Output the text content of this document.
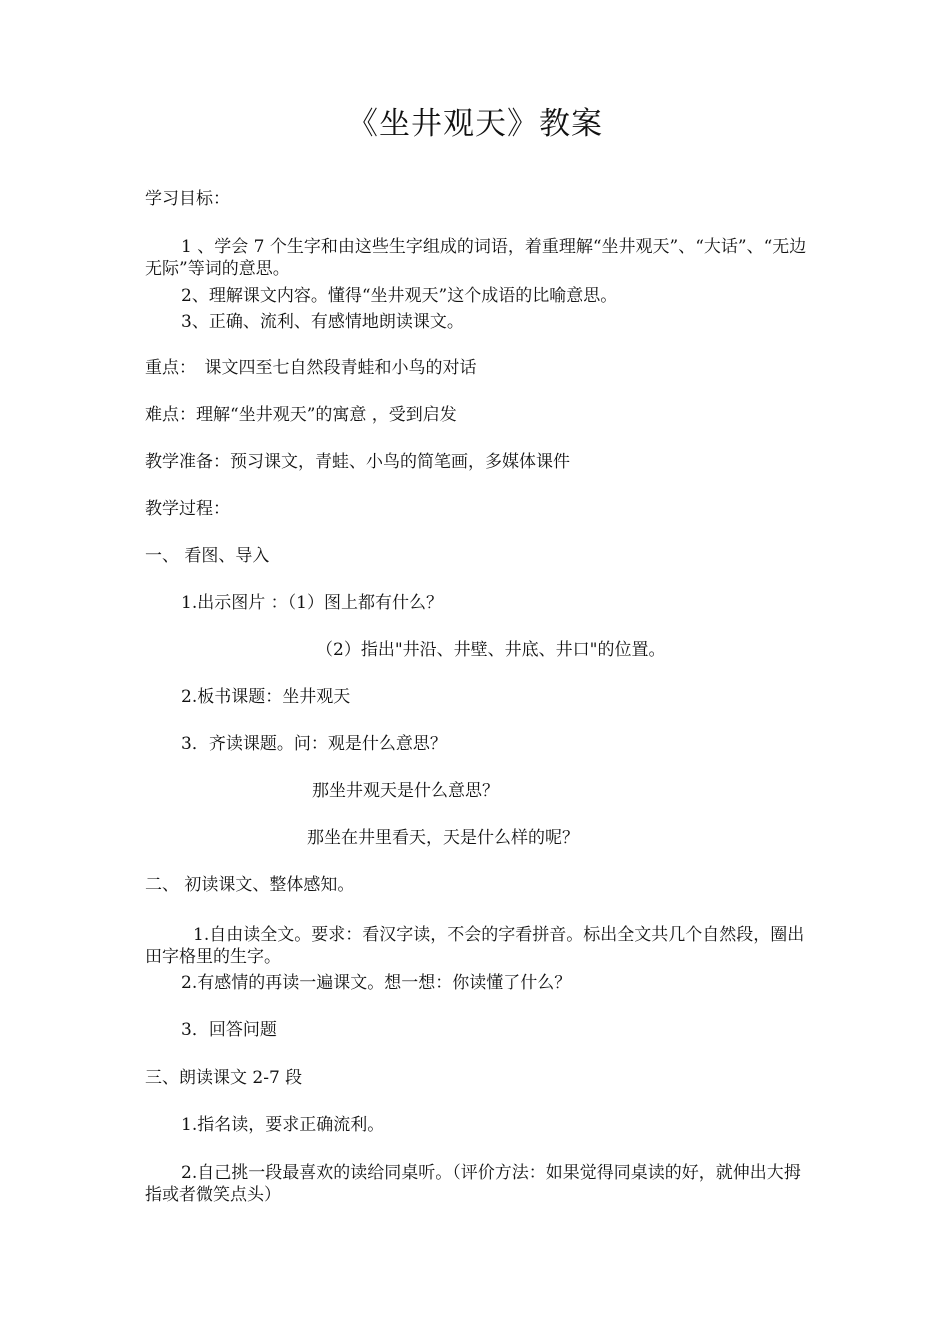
《坐井观天》教案
学习目标：
1 、学会 7 个生字和由这些生字组成的词语，着重理解“坐井观天”、“大话”、“无边无际”等词的意思。
2、理解课文内容。懂得“坐井观天”这个成语的比喻意思。
3、正确、流利、有感情地朗读课文。
重点：　课文四至七自然段青蛙和小鸟的对话
难点：理解“坐井观天”的寓意 ，受到启发
教学准备：预习课文，青蛙、小鸟的简笔画，多媒体课件
教学过程：
一、 看图、导入
1.出示图片 ：（1）图上都有什么？
（2）指出"井沿、井壁、井底、井口"的位置。
2.板书课题：坐井观天
3．齐读课题。问：观是什么意思？
那坐井观天是什么意思？
那坐在井里看天，天是什么样的呢？
二、 初读课文、整体感知。
1.自由读全文。要求：看汉字读，不会的字看拼音。标出全文共几个自然段，圈出田字格里的生字。
2.有感情的再读一遍课文。想一想：你读懂了什么？
3．回答问题
三、朗读课文 2-7 段
1.指名读，要求正确流利。
2.自己挑一段最喜欢的读给同桌听。（评价方法：如果觉得同桌读的好，就伸出大拇指或者微笑点头）
